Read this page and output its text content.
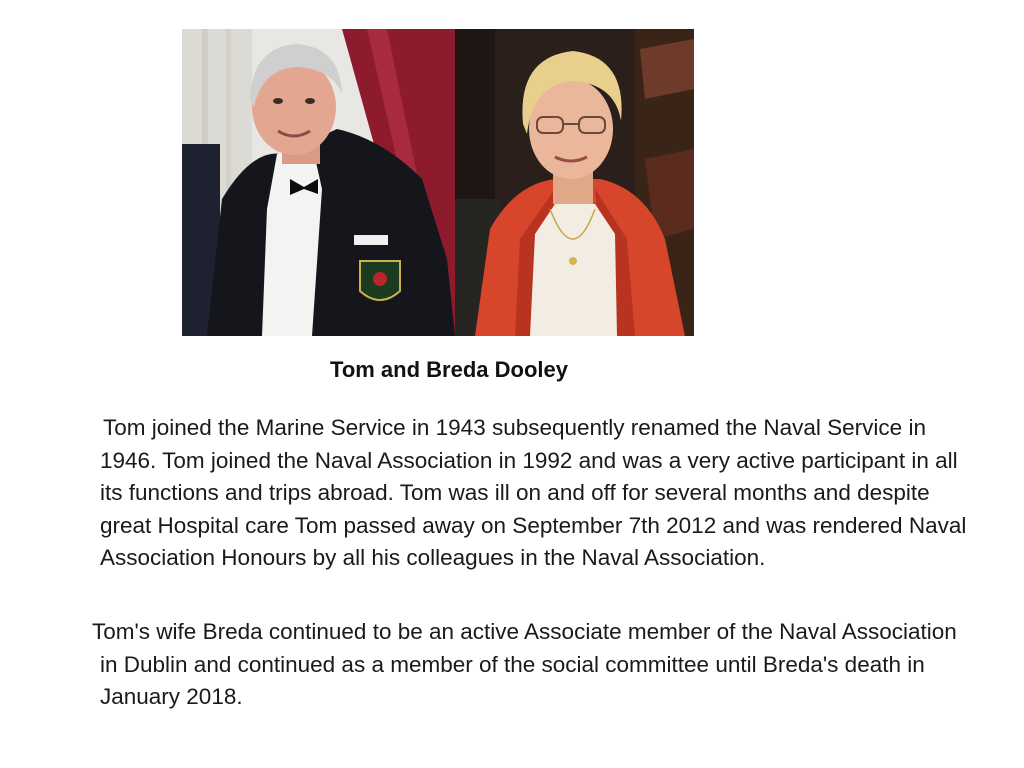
Tom and Breda Dooley

Tom joined the Marine Service in 1943 subsequently renamed the Naval Service in 1946. Tom joined the Naval Association in 1992 and was a very active participant in all its functions and trips abroad. Tom was ill on and off for several months and despite great Hospital care Tom passed away on September 7th 2012 and was rendered Naval Association Honours by all his colleagues in the Naval Association.

Tom's wife Breda continued to be an active Associate member of the Naval Association in Dublin and continued as a member of the social committee until Breda's death in January 2018.
